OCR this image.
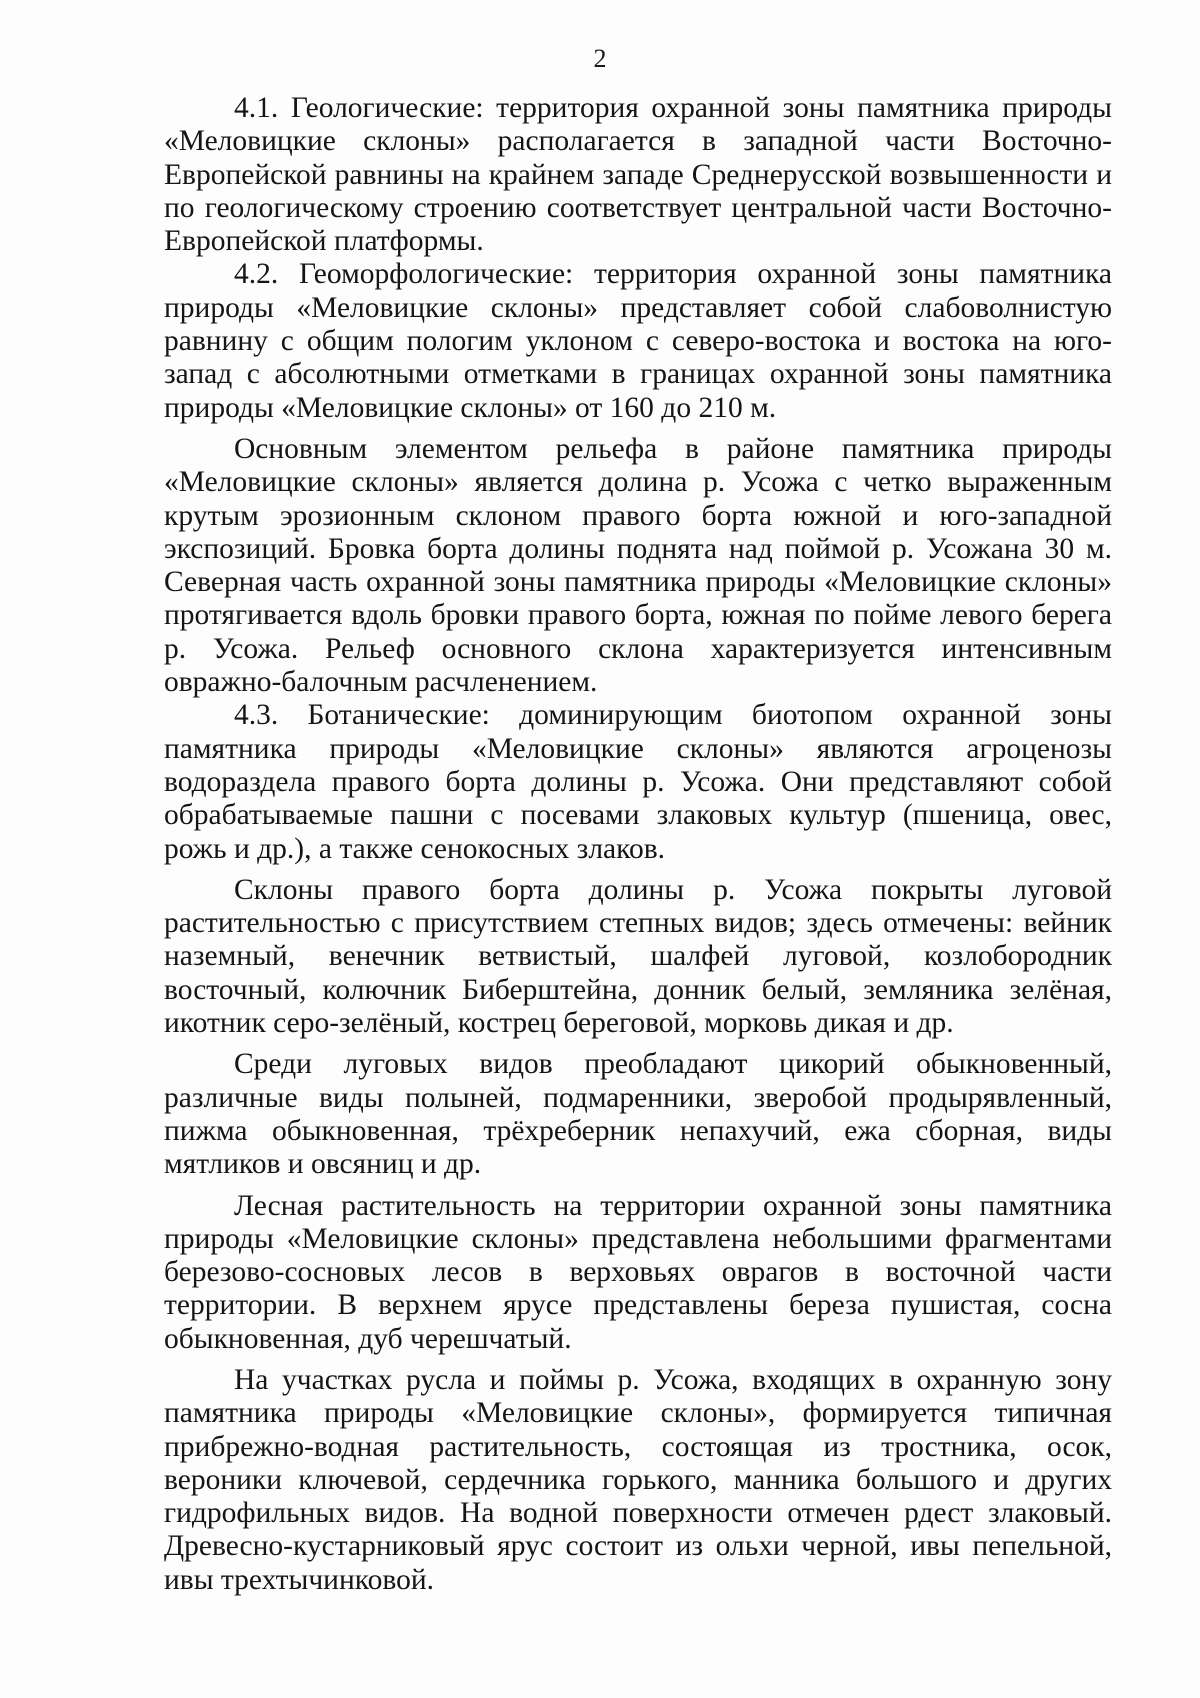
2

4.1. Геологические: территория охранной зоны памятника природы «Меловицкие склоны» располагается в западной части Восточно-Европейской равнины на крайнем западе Среднерусской возвышенности и по геологическому строению соответствует центральной части Восточно-Европейской платформы.

4.2. Геоморфологические: территория охранной зоны памятника природы «Меловицкие склоны» представляет собой слабоволнистую равнину с общим пологим уклоном с северо-востока и востока на юго-запад с абсолютными отметками в границах охранной зоны памятника природы «Меловицкие склоны» от 160 до 210 м.

Основным элементом рельефа в районе памятника природы «Меловицкие склоны» является долина р. Усожа с четко выраженным крутым эрозионным склоном правого борта южной и юго-западной экспозиций. Бровка борта долины поднята над поймой р. Усожана 30 м. Северная часть охранной зоны памятника природы «Меловицкие склоны» протягивается вдоль бровки правого борта, южная по пойме левого берега р. Усожа. Рельеф основного склона характеризуется интенсивным овражно-балочным расчленением.

4.3. Ботанические: доминирующим биотопом охранной зоны памятника природы «Меловицкие склоны» являются агроценозы водораздела правого борта долины р. Усожа. Они представляют собой обрабатываемые пашни с посевами злаковых культур (пшеница, овес, рожь и др.), а также сенокосных злаков.

Склоны правого борта долины р. Усожа покрыты луговой растительностью с присутствием степных видов; здесь отмечены: вейник наземный, венечник ветвистый, шалфей луговой, козлобородник восточный, колючник Биберштейна, донник белый, земляника зелёная, икотник серо-зелёный, кострец береговой, морковь дикая и др.

Среди луговых видов преобладают цикорий обыкновенный, различные виды полыней, подмаренники, зверобой продырявленный, пижма обыкновенная, трёхреберник непахучий, ежа сборная, виды мятликов и овсяниц и др.

Лесная растительность на территории охранной зоны памятника природы «Меловицкие склоны» представлена небольшими фрагментами березово-сосновых лесов в верховьях оврагов в восточной части территории. В верхнем ярусе представлены береза пушистая, сосна обыкновенная, дуб черешчатый.

На участках русла и поймы р. Усожа, входящих в охранную зону памятника природы «Меловицкие склоны», формируется типичная прибрежно-водная растительность, состоящая из тростника, осок, вероники ключевой, сердечника горького, манника большого и других гидрофильных видов. На водной поверхности отмечен рдест злаковый. Древесно-кустарниковый ярус состоит из ольхи черной, ивы пепельной, ивы трехтычинковой.
